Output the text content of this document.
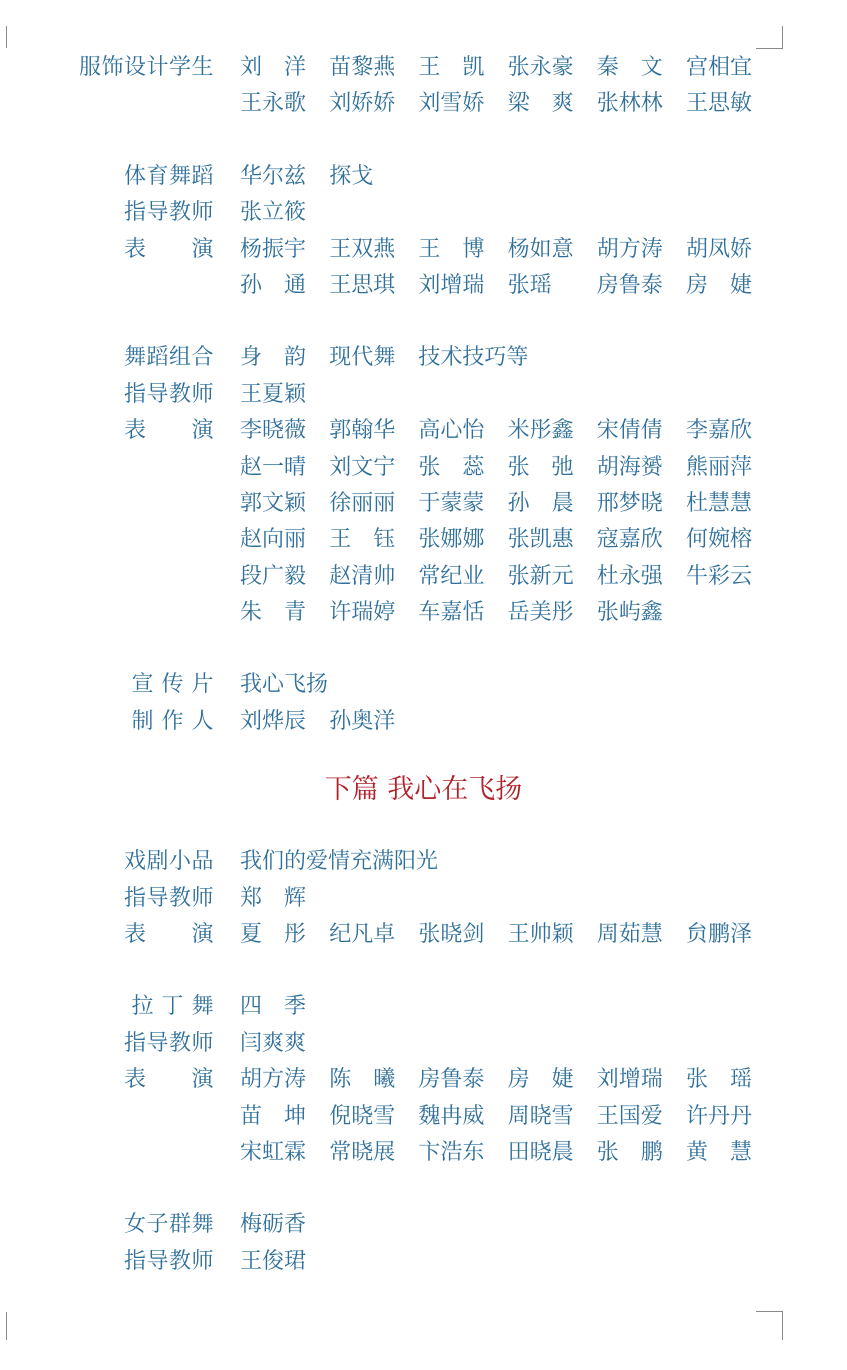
服饰设计学生 刘　洋 苗黎燕 王　凯 张永豪 秦　文 宫相宜
王永歌 刘娇娇 刘雪娇 梁　爽 张林林 王思敏
体育舞蹈 华尔兹 探戈
指导教师 张立筱
表　　演 杨振宇 王双燕 王　博 杨如意 胡方涛 胡凤娇
孙　通 王思琪 刘增瑞 张瑶 房鲁泰 房　婕
舞蹈组合 身　韵 现代舞 技术技巧等
指导教师 王夏颖
表　　演 李晓薇 郭翰华 高心怡 米彤鑫 宋倩倩 李嘉欣
赵一晴 刘文宁 张　蕊 张　弛 胡海赟 熊丽萍
郭文颖 徐丽丽 于蒙蒙 孙　晨 邢梦晓 杜慧慧
赵向丽 王　钰 张娜娜 张凯惠 寇嘉欣 何婉榕
段广毅 赵清帅 常纪业 张新元 杜永强 牛彩云
朱　青 许瑞婷 车嘉恬 岳美彤 张屿鑫
宣 传 片 我心飞扬
制 作 人 刘烨辰 孙奥洋
下篇 我心在飞扬
戏剧小品 我们的爱情充满阳光
指导教师 郑　辉
表　　演 夏　彤 纪凡卓 张晓剑 王帅颖 周茹慧 贠鹏泽
拉 丁 舞 四　季
指导教师 闫爽爽
表　　演 胡方涛 陈　曦 房鲁泰 房　婕 刘增瑞 张　瑶
苗　坤 倪晓雪 魏冉威 周晓雪 王国爱 许丹丹
宋虹霖 常晓展 卞浩东 田晓晨 张　鹏 黄　慧
女子群舞 梅砺香
指导教师 王俊珺
